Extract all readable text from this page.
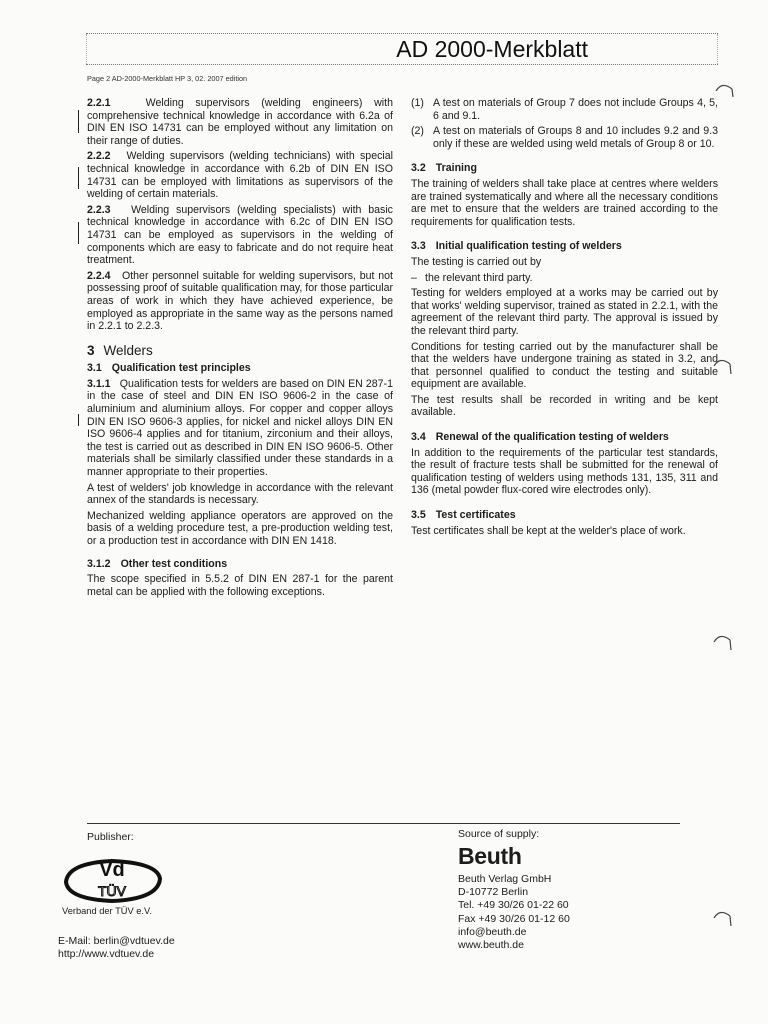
AD 2000-Merkblatt
Page 2 AD-2000-Merkblatt HP 3, 02. 2007 edition

2.2.1	Welding supervisors (welding engineers) with comprehensive technical knowledge in accordance with 6.2a of DIN EN ISO 14731 can be employed without any limitation on their range of duties.

2.2.2 Welding supervisors (welding technicians) with special technical knowledge in accordance with 6.2b of DIN EN ISO 14731 can be employed with limitations as supervisors of the welding of certain materials.

2.2.3 Welding supervisors (welding specialists) with basic technical knowledge in accordance with 6.2c of DIN EN ISO 14731 can be employed as supervisors in the welding of components which are easy to fabricate and do not require heat treatment.

2.2.4 Other personnel suitable for welding supervisors, but not possessing proof of suitable qualification may, for those particular areas of work in which they have achieved experience, be employed as appropriate in the same way as the persons named in 2.2.1 to 2.2.3.

3 Welders
3.1 Qualification test principles

3.1.1 Qualification tests for welders are based on DIN EN 287-1 in the case of steel and DIN EN ISO 9606-2 in the case of aluminium and aluminium alloys. For copper and copper alloys DIN EN ISO 9606-3 applies, for nickel and nickel alloys DIN EN ISO 9606-4 applies and for titanium, zirconium and their alloys, the test is carried out as described in DIN EN ISO 9606-5. Other materials shall be similarly classified under these standards in a manner appropriate to their properties.

A test of welders' job knowledge in accordance with the relevant annex of the standards is necessary.

Mechanized welding appliance operators are approved on the basis of a welding procedure test, a pre-production welding test, or a production test in accordance with DIN EN 1418.

3.1.2 Other test conditions

The scope specified in 5.5.2 of DIN EN 287-1 for the parent metal can be applied with the following exceptions.

(1) A test on materials of Group 7 does not include Groups 4, 5, 6 and 9.1.
(2) A test on materials of Groups 8 and 10 includes 9.2 and 9.3 only if these are welded using weld metals of Group 8 or 10.
3.2 Training

The training of welders shall take place at centres where welders are trained systematically and where all the necessary conditions are met to ensure that the welders are trained according to the requirements for qualification tests.

3.3 Initial qualification testing of welders

The testing is carried out by

– the relevant third party.

Testing for welders employed at a works may be carried out by that works' welding supervisor, trained as stated in 2.2.1, with the agreement of the relevant third party. The approval is issued by the relevant third party.

Conditions for testing carried out by the manufacturer shall be that the welders have undergone training as stated in 3.2, and that personnel qualified to conduct the testing and suitable equipment are available.

The test results shall be recorded in writing and be kept available.

3.4 Renewal of the qualification testing of welders

In addition to the requirements of the particular test standards, the result of fracture tests shall be submitted for the renewal of qualification testing of welders using methods 131, 135, 311 and 136 (metal powder flux-cored wire electrodes only).

3.5 Test certificates

Test certificates shall be kept at the welder's place of work.

Publisher:
Vd
TÜV
Verband der TÜV e.V.
E-Mail: berlin@vdtuev.de
http://www.vdtuev.de
Source of supply:
Beuth
Beuth Verlag GmbH
D-10772 Berlin
Tel. +49 30/26 01-22 60
Fax +49 30/26 01-12 60
info@beuth.de
www.beuth.de
